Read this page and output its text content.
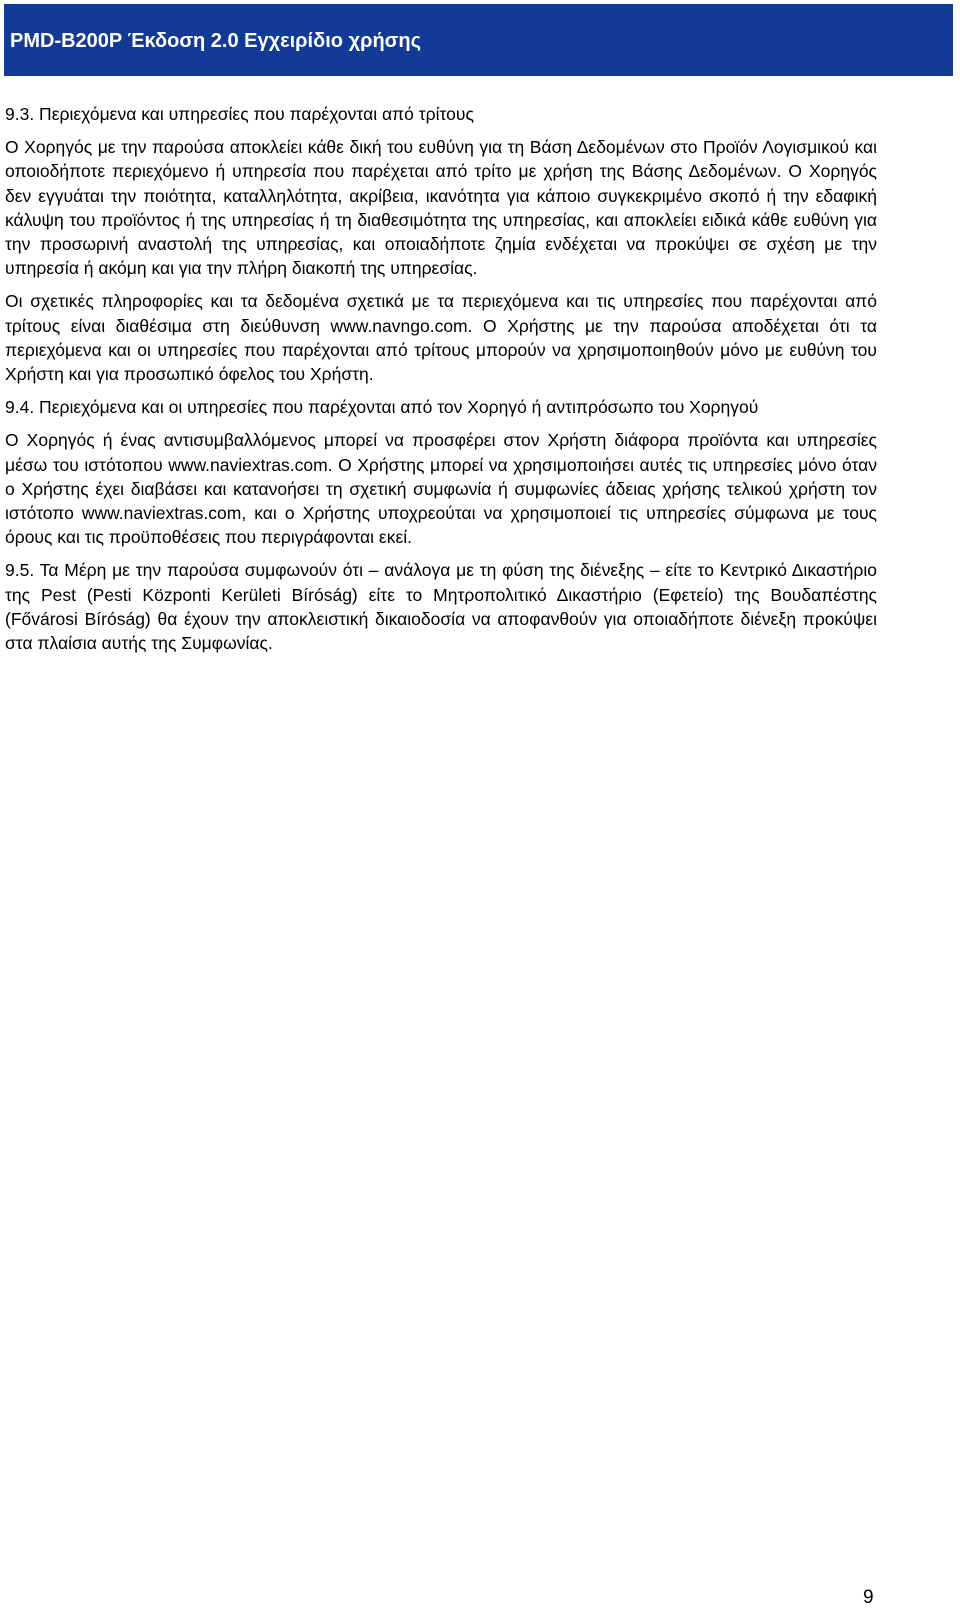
PMD-B200P Έκδοση 2.0 Εγχειρίδιο χρήσης

9.3. Περιεχόμενα και υπηρεσίες που παρέχονται από τρίτους

Ο Χορηγός με την παρούσα αποκλείει κάθε δική του ευθύνη για τη Βάση Δεδομένων στο Προϊόν Λογισμικού και οποιοδήποτε περιεχόμενο ή υπηρεσία που παρέχεται από τρίτο με χρήση της Βάσης Δεδομένων. Ο Χορηγός δεν εγγυάται την ποιότητα, καταλληλότητα, ακρίβεια, ικανότητα για κάποιο συγκεκριμένο σκοπό ή την εδαφική κάλυψη του προϊόντος ή της υπηρεσίας ή τη διαθεσιμότητα της υπηρεσίας, και αποκλείει ειδικά κάθε ευθύνη για την προσωρινή αναστολή της υπηρεσίας, και οποιαδήποτε ζημία ενδέχεται να προκύψει σε σχέση με την υπηρεσία ή ακόμη και για την πλήρη διακοπή της υπηρεσίας.

Οι σχετικές πληροφορίες και τα δεδομένα σχετικά με τα περιεχόμενα και τις υπηρεσίες που παρέχονται από τρίτους είναι διαθέσιμα στη διεύθυνση www.navngo.com. Ο Χρήστης με την παρούσα αποδέχεται ότι τα περιεχόμενα και οι υπηρεσίες που παρέχονται από τρίτους μπορούν να χρησιμοποιηθούν μόνο με ευθύνη του Χρήστη και για προσωπικό όφελος του Χρήστη.

9.4. Περιεχόμενα και οι υπηρεσίες που παρέχονται από τον Χορηγό ή αντιπρόσωπο του Χορηγού

Ο Χορηγός ή ένας αντισυμβαλλόμενος μπορεί να προσφέρει στον Χρήστη διάφορα προϊόντα και υπηρεσίες μέσω του ιστότοπου www.naviextras.com. Ο Χρήστης μπορεί να χρησιμοποιήσει αυτές τις υπηρεσίες μόνο όταν ο Χρήστης έχει διαβάσει και κατανοήσει τη σχετική συμφωνία ή συμφωνίες άδειας χρήσης τελικού χρήστη τον ιστότοπο www.naviextras.com, και ο Χρήστης υποχρεούται να χρησιμοποιεί τις υπηρεσίες σύμφωνα με τους όρους και τις προϋποθέσεις που περιγράφονται εκεί.

9.5. Τα Μέρη με την παρούσα συμφωνούν ότι – ανάλογα με τη φύση της διένεξης – είτε το Κεντρικό Δικαστήριο της Pest (Pesti Központi Kerületi Bíróság) είτε το Μητροπολιτικό Δικαστήριο (Εφετείο) της Βουδαπέστης (Fővárosi Bíróság) θα έχουν την αποκλειστική δικαιοδοσία να αποφανθούν για οποιαδήποτε διένεξη προκύψει στα πλαίσια αυτής της Συμφωνίας.

9
